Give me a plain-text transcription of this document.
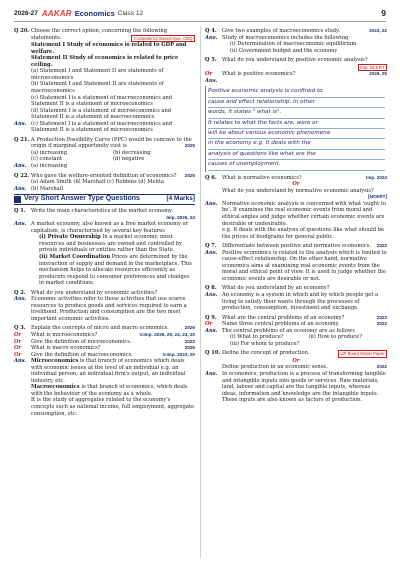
2026-27 AAKAR Economics Class 12	9
Q 20. Choose the correct option, concerning the following statements.	Competency Based Que. CBQ
Statement I Study of economics is related to GDP and welfare.
Statement II Study of economics is related to price ceiling.
(a) Statement I and Statement II are statements of microeconomics
(b) Statement I and Statement II are statements of macroeconomics
(c) Statement I is a statement of macroeconomics and Statement II is a statement of microeconomics
(d) Statement I is a statement of microeconomics and Statement II is a statement of macroeconomics
Ans. (c) Statement I is a statement of macroeconomics and Statement II is a statement of microeconomics
Q 21. A Production Possibility Curve (PPC) would be concave to the origin if marginal opportunity cost is	2025
(a) increasing	(b) decreasing
(c) constant	(d) negative
Ans. (a) increasing
Q 22. Who gave the welfare-oriented definition of economics? 2025
(a) Adam Smith (b) Marshall (c) Robbins (d) Mehta
Ans. (b) Marshall
Very Short Answer Type Questions	[4 Marks]
Q 1.	Write the main characteristics of the market economy.
Imp. 2026, 24
Ans. A market economy, also known as a free market economy or capitalism, is characterised by several key features
(i) Private Ownership In a market economy, most resources and businesses are owned and controlled by private individuals or entities rather than the State.
(ii) Market Coordination Prices are determined by the interaction of supply and demand in the marketplace. This mechanism helps to allocate resources efficiently as producers respond to consumer preferences and changes in market conditions.
Q 2.	What do you understand by economic activities?
Ans. Economic activities refer to those activities that use scarce resources to produce goods and services required to earn a livelihood. Production and consumption are the two most important economic activities.
Q 3.	Explain the concepts of micro and macro economics.	2026
Or	What is microeconomics?	V.Imp. 2026, 25, 24, 23, 20
Or	Give the definition of microeconomics.	2022
Or	What is macro economics?	2026
Or	Give the definition of macroeconomics.	V.Imp. 2023, 20
Ans. Microeconomics is that branch of economics which deals with economic issues at the level of an individual e.g. an individual person, an individual firm's output, an individual industry, etc.
Macroeconomics is that branch of economics, which deals with the behaviour of the economy as a whole.
It is the study of aggregates related to the economy's concepts such as national income, full employment, aggregate consumption, etc.
Q 4.	Give two examples of macroeconomics study.	2023, 22
Ans. Study of macroeconomics includes the following
(i) Determination of macroeconomic equilibrium
(ii) Government budget and the economy
Q 5.	What do you understand by positive economic analysis?
Imp. NCERT
Or	What is positive economics?	2026, 25
Ans.
Positive economic analysis is confined to
cause and effect relationship. In other
words, it states " what is".
It relates to what the facts are, were or
will be about various economic phenomena
in the economy e.g. It deals with the
analysis of questions like what are the
causes of unemployment.
Q 6.	What is normative economics?	Imp. 2024
Or
What do you understand by normative economic analysis?
[NCERT]
Ans. Normative economic analysis is concerned with what 'ought to be'. It examines the real economic events from moral and ethical angles and judge whether certain economic events are desirable or undesirable.
e.g. It deals with the analysis of questions like what should be the prices of foodgrains for general public.
Q 7.	Differentiate between positive and normative economics. 2022
Ans. Positive economics is related to the analysis which is limited to cause-effect relationship. On the other hand, normative economics aims at examining real economic events from the moral and ethical point of view. It is used to judge whether the economic events are desirable or not.
Q 8.	What do you understand by an economy?
Ans. An economy is a system in which and by which people get a living to satisfy their wants through the processes of production, consumption, investment and exchange.
Q 9.	What are the central problems of an economy?	2023
Or	Name three central problems of an economy.	2022
Ans. The central problems of an economy are as follows
(i) What to produce?	(ii) How to produce?
(iii) For whom to produce?
Q 10. Define the concept of production.	UP Board Model Paper
Or
Define production in an economic sense.	2022
Ans. In economics, production is a process of transforming tangible and intangible inputs into goods or services. Raw materials, land, labour and capital are the tangible inputs, whereas ideas, information and knowledge are the intangible inputs. These inputs are also known as factors of production.
